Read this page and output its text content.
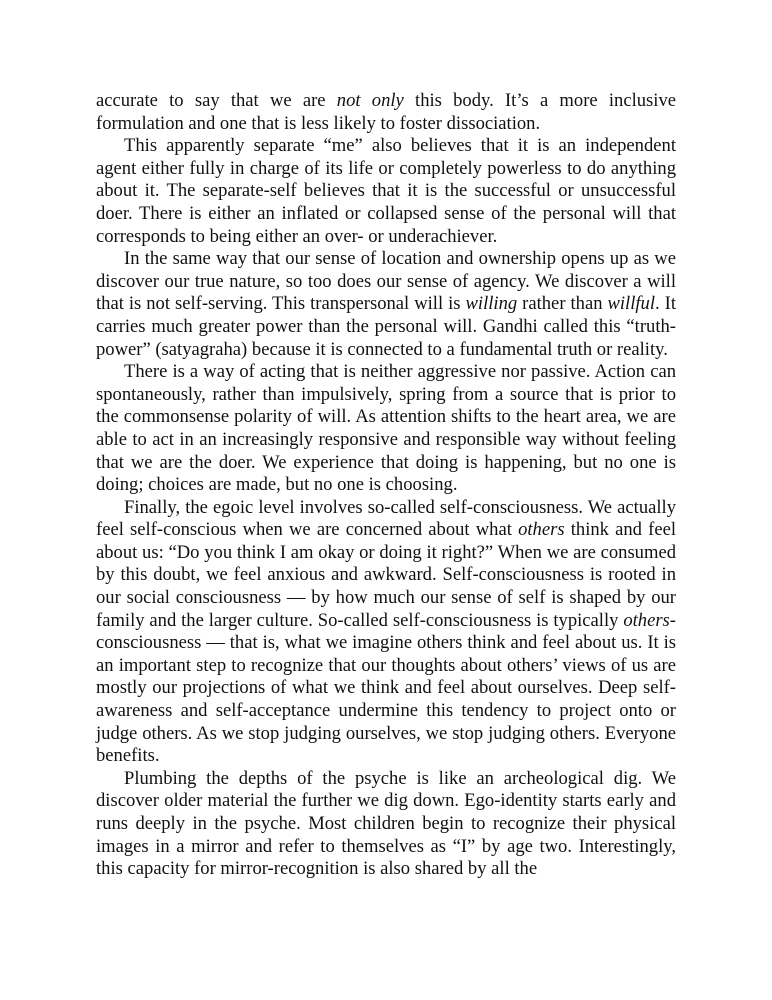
accurate to say that we are not only this body. It’s a more inclusive formulation and one that is less likely to foster dissociation.

This apparently separate “me” also believes that it is an independent agent either fully in charge of its life or completely powerless to do anything about it. The separate-self believes that it is the successful or unsuccessful doer. There is either an inflated or collapsed sense of the personal will that corresponds to being either an over- or underachiever.

In the same way that our sense of location and ownership opens up as we discover our true nature, so too does our sense of agency. We discover a will that is not self-serving. This transpersonal will is willing rather than willful. It carries much greater power than the personal will. Gandhi called this “truth-power” (satyagraha) because it is connected to a fundamental truth or reality.

There is a way of acting that is neither aggressive nor passive. Action can spontaneously, rather than impulsively, spring from a source that is prior to the commonsense polarity of will. As attention shifts to the heart area, we are able to act in an increasingly responsive and responsible way without feeling that we are the doer. We experience that doing is happening, but no one is doing; choices are made, but no one is choosing.

Finally, the egoic level involves so-called self-consciousness. We actually feel self-conscious when we are concerned about what others think and feel about us: “Do you think I am okay or doing it right?” When we are consumed by this doubt, we feel anxious and awkward. Self-consciousness is rooted in our social consciousness — by how much our sense of self is shaped by our family and the larger culture. So-called self-consciousness is typically others-consciousness — that is, what we imagine others think and feel about us. It is an important step to recognize that our thoughts about others’ views of us are mostly our projections of what we think and feel about ourselves. Deep self-awareness and self-acceptance undermine this tendency to project onto or judge others. As we stop judging ourselves, we stop judging others. Everyone benefits.

Plumbing the depths of the psyche is like an archeological dig. We discover older material the further we dig down. Ego-identity starts early and runs deeply in the psyche. Most children begin to recognize their physical images in a mirror and refer to themselves as “I” by age two. Interestingly, this capacity for mirror-recognition is also shared by all the
